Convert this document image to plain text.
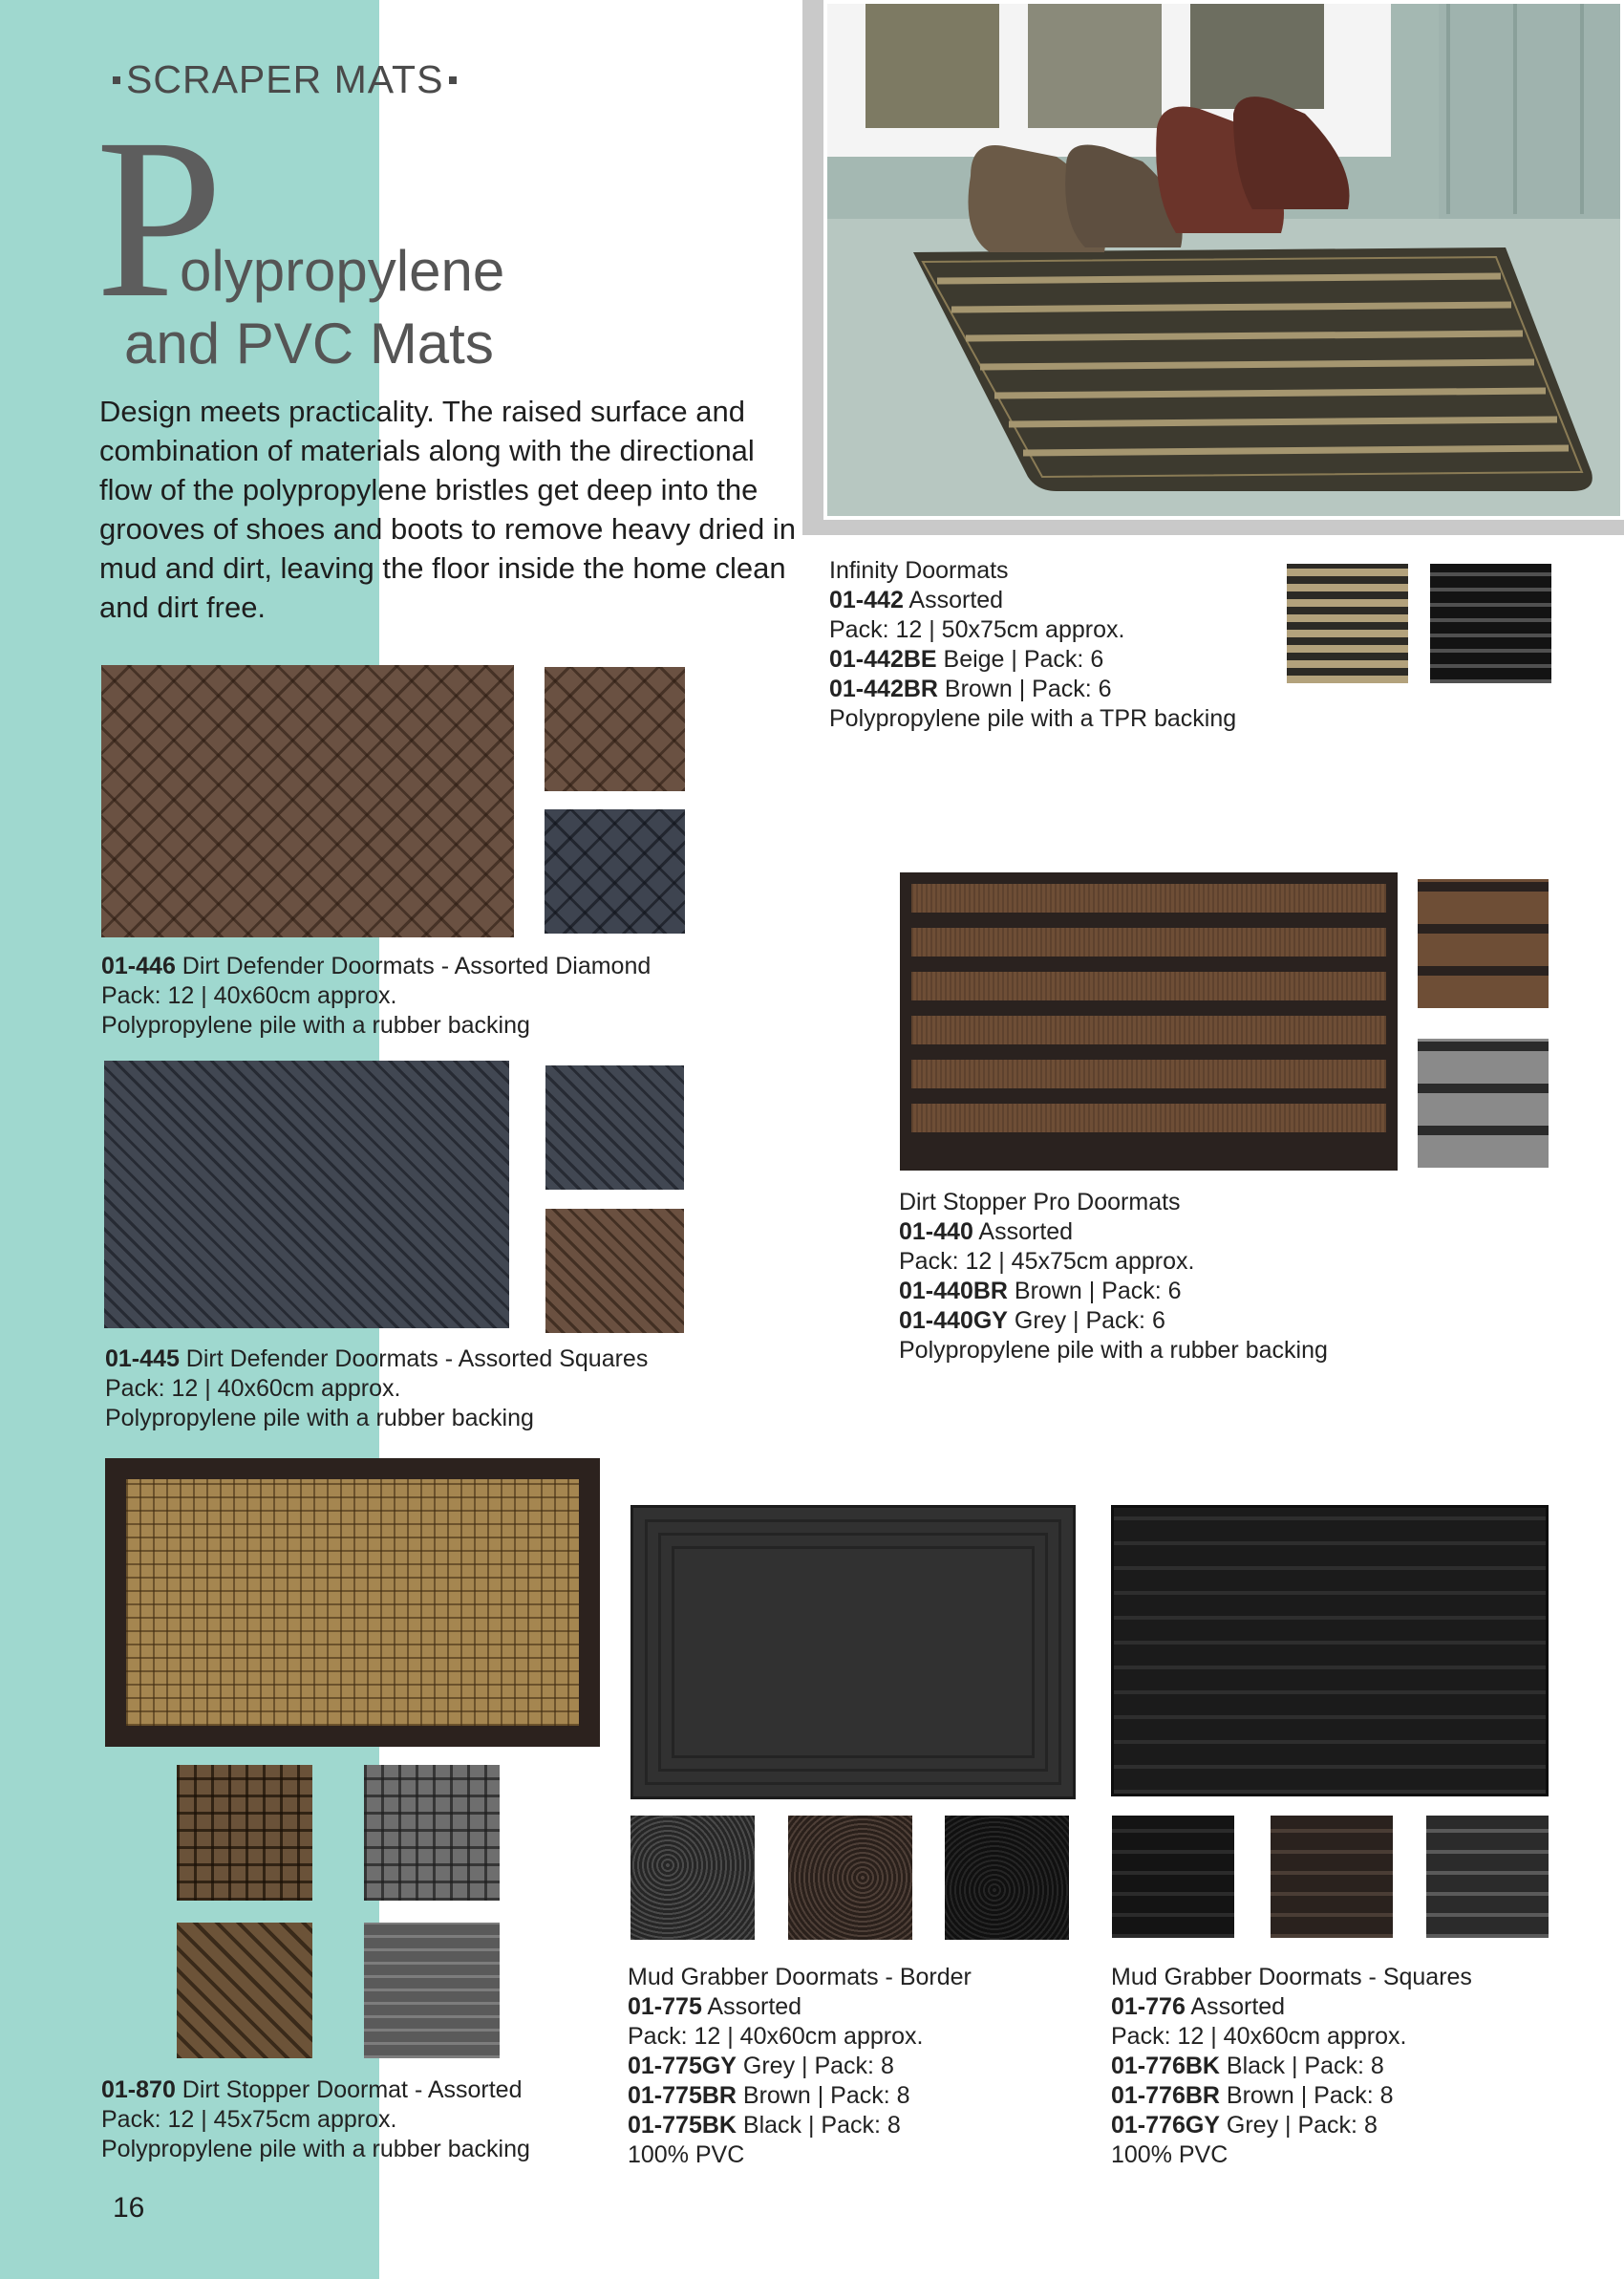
SCRAPER MATS
P
olypropylene
and PVC Mats
Design meets practicality. The raised surface and combination of materials along with the directional flow of the polypropylene bristles get deep into the grooves of shoes and boots to remove heavy dried in mud and dirt, leaving the floor inside the home clean and dirt free.
Infinity Doormats
01-442 Assorted
Pack: 12 | 50x75cm approx.
01-442BE Beige | Pack: 6
01-442BR Brown | Pack: 6
Polypropylene pile with a TPR backing
01-446 Dirt Defender Doormats - Assorted Diamond
Pack: 12 | 40x60cm approx.
Polypropylene pile with a rubber backing
01-445 Dirt Defender Doormats - Assorted Squares
Pack: 12 | 40x60cm approx.
Polypropylene pile with a rubber backing
Dirt Stopper Pro Doormats
01-440 Assorted
Pack: 12 | 45x75cm approx.
01-440BR Brown | Pack: 6
01-440GY Grey | Pack: 6
Polypropylene pile with a rubber backing
01-870 Dirt Stopper Doormat - Assorted
Pack: 12 | 45x75cm approx.
Polypropylene pile with a rubber backing
Mud Grabber Doormats - Border
01-775 Assorted
Pack: 12 | 40x60cm approx.
01-775GY Grey | Pack: 8
01-775BR Brown | Pack: 8
01-775BK Black | Pack: 8
100% PVC
Mud Grabber Doormats - Squares
01-776 Assorted
Pack: 12 | 40x60cm approx.
01-776BK Black | Pack: 8
01-776BR Brown | Pack: 8
01-776GY Grey | Pack: 8
100% PVC
16
